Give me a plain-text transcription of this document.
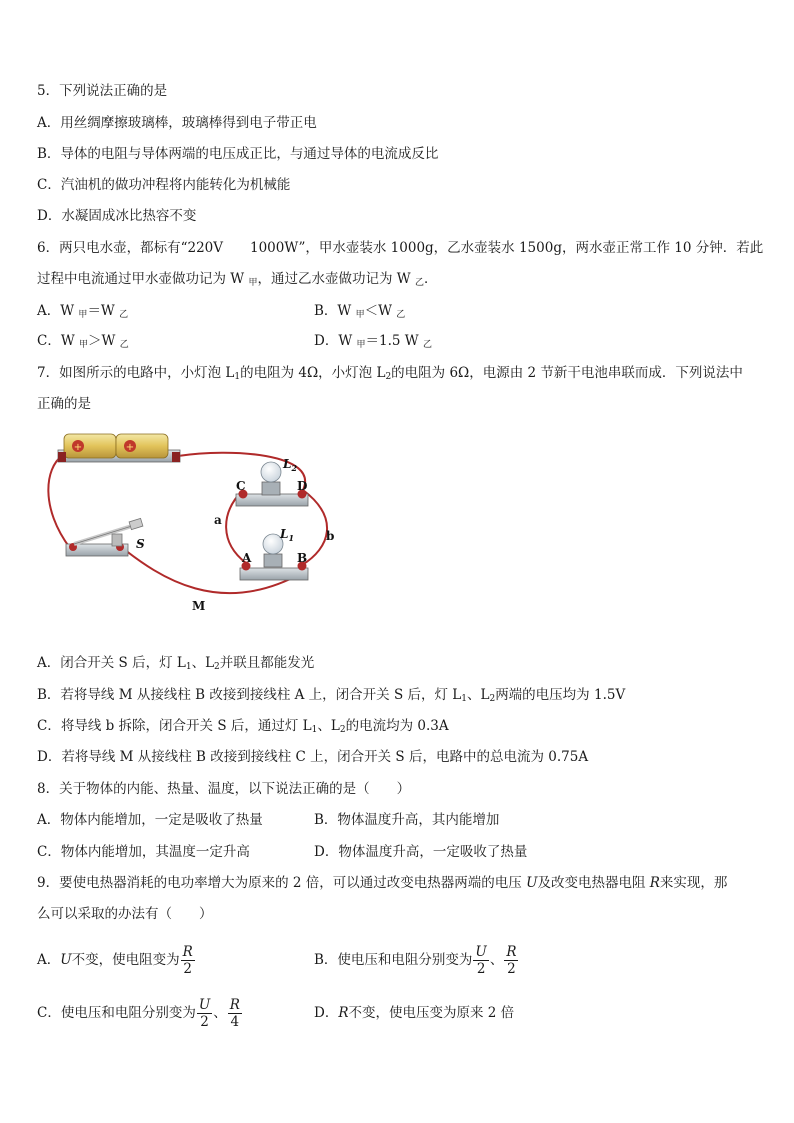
5．下列说法正确的是
A．用丝绸摩擦玻璃棒，玻璃棒得到电子带正电
B．导体的电阻与导体两端的电压成正比，与通过导体的电流成反比
C．汽油机的做功冲程将内能转化为机械能
D．水凝固成冰比热容不变
6．两只电水壶，都标有“220V　　1000W”，甲水壶装水 1000g，乙水壶装水 1500g，两水壶正常工作 10 分钟．若此
过程中电流通过甲水壶做功记为 W $_甲$，通过乙水壶做功记为 W $_乙$．
A．W $_甲$＝W $_乙$	B．W $_甲$＜W $_乙$
C．W $_甲$＞W $_乙$	D．W $_甲$＝1.5 W $_乙$
7．如图所示的电路中，小灯泡 $L_1$的电阻为 4Ω，小灯泡 $L_2$的电阻为 6Ω，电源由 2 节新干电池串联而成．下列说法中
正确的是
+	+
S
$L_2$
C	D
$L_1$
A	B
a
b
M
A．闭合开关 S 后，灯 $L_1$、$L_2$并联且都能发光
B．若将导线 M 从接线柱 B 改接到接线柱 A 上，闭合开关 S 后，灯 $L_1$、$L_2$两端的电压均为 1.5V
C．将导线 b 拆除，闭合开关 S 后，通过灯 $L_1$、$L_2$的电流均为 0.3A
D．若将导线 M 从接线柱 B 改接到接线柱 C 上，闭合开关 S 后，电路中的总电流为 0.75A
8．关于物体的内能、热量、温度，以下说法正确的是（　　）
A．物体内能增加，一定是吸收了热量	B．物体温度升高，其内能增加
C．物体内能增加，其温度一定升高	D．物体温度升高，一定吸收了热量
9．要使电热器消耗的电功率增大为原来的 2 倍，可以通过改变电热器两端的电压 U及改变电热器电阻 R来实现，那
么可以采取的办法有（　　）
A．U不变，使电阻变为 $\frac{R}{2}$	B．使电压和电阻分别变为 $\frac{U}{2}$ 、 $\frac{R}{2}$
C．使电压和电阻分别变为 $\frac{U}{2}$ 、 $\frac{R}{4}$	D．R不变，使电压变为原来 2 倍
